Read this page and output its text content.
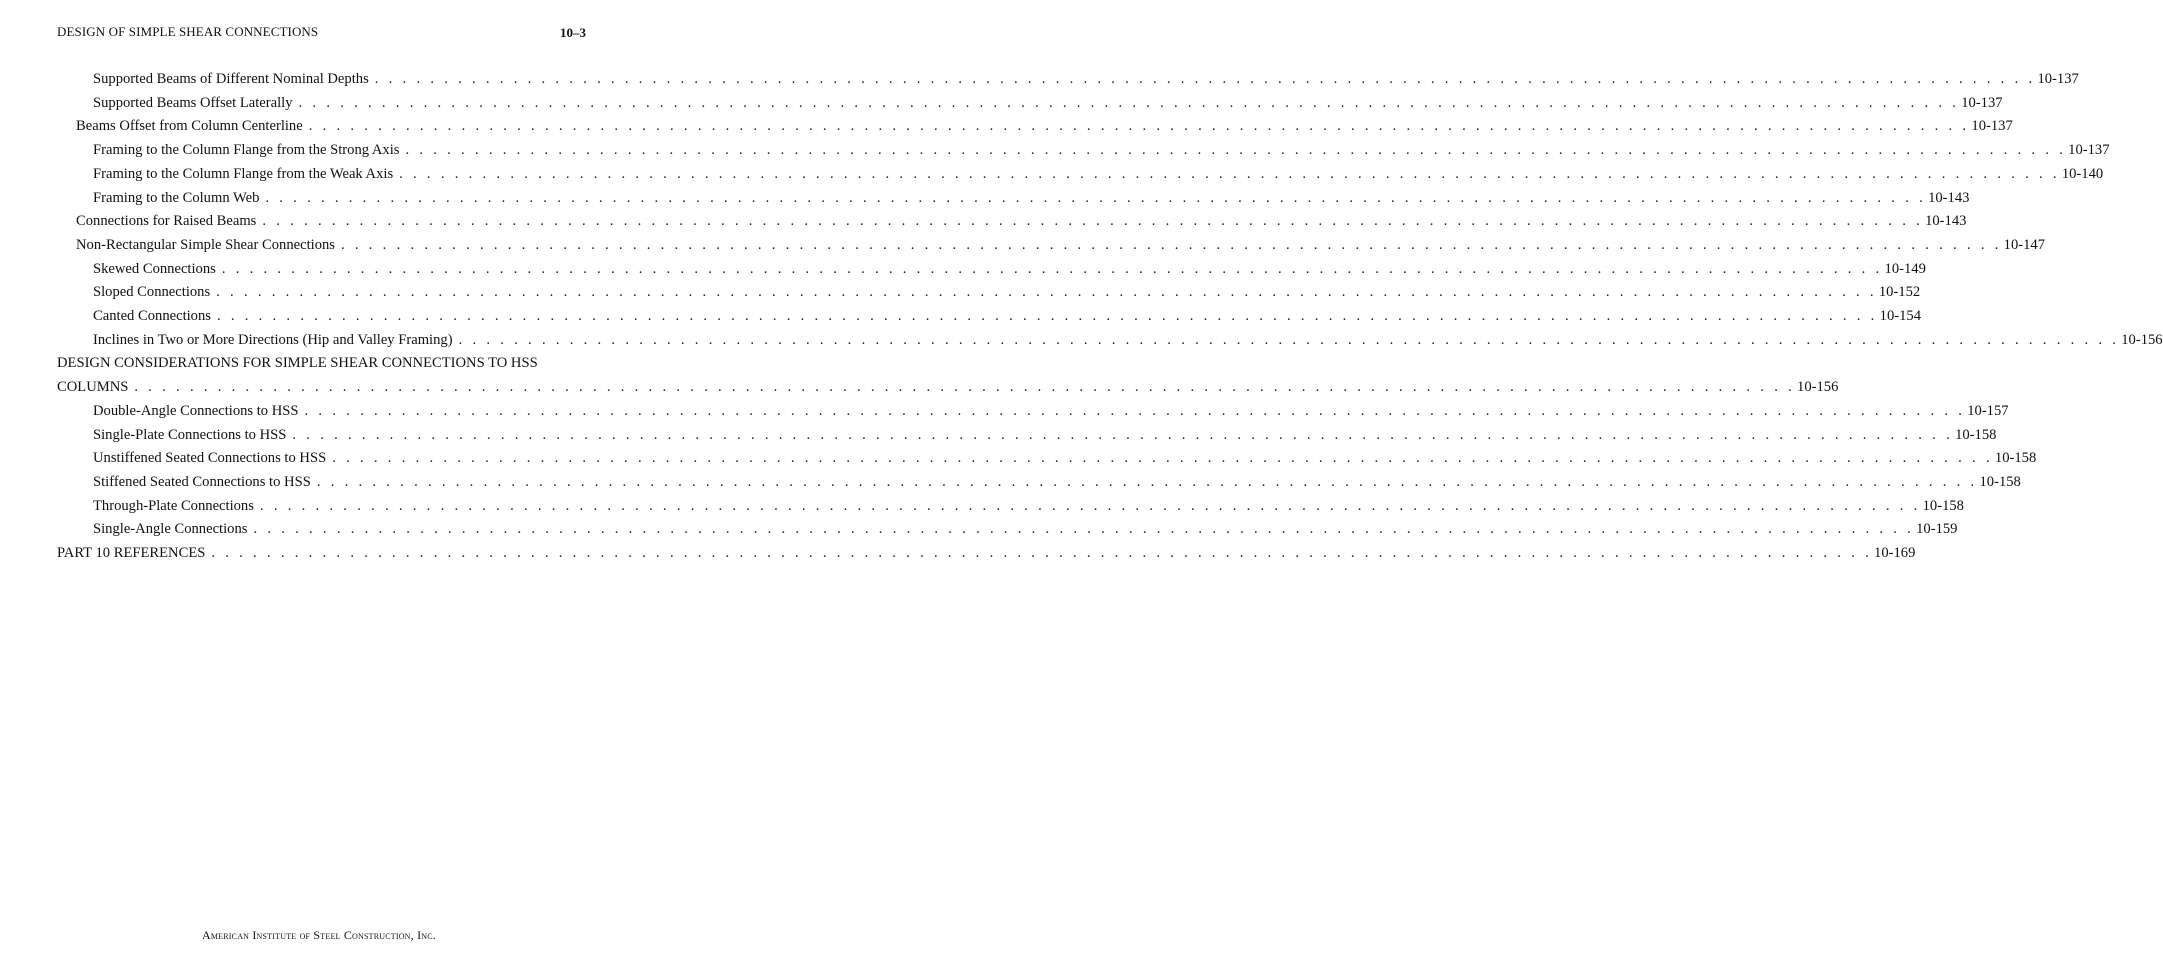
DESIGN OF SIMPLE SHEAR CONNECTIONS	10–3
Supported Beams of Different Nominal Depths . . . . . . . . . . . . . . . . . . . . . . . . . . . . . . . . . . . . . . . . . . . . . . . . . . . . . . . . . . . . . . . . . . . . . . . . . . . . . . . . . . . . . . . . . . . . . . . . . . . . . . . . . . . . . . . . . . . . . . . . 10-137
Supported Beams Offset Laterally . . . . . . . . . . . . . . . . . . . . . . . . . . . . . . . . . . . . . . . . . . . . . . . . . . . . . . . . . . . . . . . . . . . . . . . . . . . . . . . . . . . . . . . . . . . . . . . . . . . . . . . . . . . . . . . . . . . . . . . . 10-137
Beams Offset from Column Centerline . . . . . . . . . . . . . . . . . . . . . . . . . . . . . . . . . . . . . . . . . . . . . . . . . . . . . . . . . . . . . . . . . . . . . . . . . . . . . . . . . . . . . . . . . . . . . . . . . . . . . . . . . . . . . . . . . . . . . . . . 10-137
Framing to the Column Flange from the Strong Axis . . . . . . . . . . . . . . . . . . . . . . . . . . . . . . . . . . . . . . . . . . . . . . . . . . . . . . . . . . . . . . . . . . . . . . . . . . . . . . . . . . . . . . . . . . . . . . . . . . . . . . . . . . . . . . . . . . . . . . . . 10-137
Framing to the Column Flange from the Weak Axis . . . . . . . . . . . . . . . . . . . . . . . . . . . . . . . . . . . . . . . . . . . . . . . . . . . . . . . . . . . . . . . . . . . . . . . . . . . . . . . . . . . . . . . . . . . . . . . . . . . . . . . . . . . . . . . . . . . . . . . . 10-140
Framing to the Column Web . . . . . . . . . . . . . . . . . . . . . . . . . . . . . . . . . . . . . . . . . . . . . . . . . . . . . . . . . . . . . . . . . . . . . . . . . . . . . . . . . . . . . . . . . . . . . . . . . . . . . . . . . . . . . . . . . . . . . . . . 10-143
Connections for Raised Beams . . . . . . . . . . . . . . . . . . . . . . . . . . . . . . . . . . . . . . . . . . . . . . . . . . . . . . . . . . . . . . . . . . . . . . . . . . . . . . . . . . . . . . . . . . . . . . . . . . . . . . . . . . . . . . . . . . . . . . . . 10-143
Non-Rectangular Simple Shear Connections . . . . . . . . . . . . . . . . . . . . . . . . . . . . . . . . . . . . . . . . . . . . . . . . . . . . . . . . . . . . . . . . . . . . . . . . . . . . . . . . . . . . . . . . . . . . . . . . . . . . . . . . . . . . . . . . . . . . . . . . 10-147
Skewed Connections . . . . . . . . . . . . . . . . . . . . . . . . . . . . . . . . . . . . . . . . . . . . . . . . . . . . . . . . . . . . . . . . . . . . . . . . . . . . . . . . . . . . . . . . . . . . . . . . . . . . . . . . . . . . . . . . . . . . . . . . 10-149
Sloped Connections . . . . . . . . . . . . . . . . . . . . . . . . . . . . . . . . . . . . . . . . . . . . . . . . . . . . . . . . . . . . . . . . . . . . . . . . . . . . . . . . . . . . . . . . . . . . . . . . . . . . . . . . . . . . . . . . . . . . . . . . 10-152
Canted Connections . . . . . . . . . . . . . . . . . . . . . . . . . . . . . . . . . . . . . . . . . . . . . . . . . . . . . . . . . . . . . . . . . . . . . . . . . . . . . . . . . . . . . . . . . . . . . . . . . . . . . . . . . . . . . . . . . . . . . . . . 10-154
Inclines in Two or More Directions (Hip and Valley Framing) . . . . . . . . . . . . . . . . . . . . . . . . . . . . . . . . . . . . . . . . . . . . . . . . . . . . . . . . . . . . . . . . . . . . . . . . . . . . . . . . . . . . . . . . . . . . . . . . . . . . . . . . . . . . . . . . . . . . . . . . 10-156
DESIGN CONSIDERATIONS FOR SIMPLE SHEAR CONNECTIONS TO HSS
COLUMNS . . . . . . . . . . . . . . . . . . . . . . . . . . . . . . . . . . . . . . . . . . . . . . . . . . . . . . . . . . . . . . . . . . . . . . . . . . . . . . . . . . . . . . . . . . . . . . . . . . . . . . . . . . . . . . . . . . . . . . . . 10-156
Double-Angle Connections to HSS . . . . . . . . . . . . . . . . . . . . . . . . . . . . . . . . . . . . . . . . . . . . . . . . . . . . . . . . . . . . . . . . . . . . . . . . . . . . . . . . . . . . . . . . . . . . . . . . . . . . . . . . . . . . . . . . . . . . . . . . 10-157
Single-Plate Connections to HSS . . . . . . . . . . . . . . . . . . . . . . . . . . . . . . . . . . . . . . . . . . . . . . . . . . . . . . . . . . . . . . . . . . . . . . . . . . . . . . . . . . . . . . . . . . . . . . . . . . . . . . . . . . . . . . . . . . . . . . . . 10-158
Unstiffened Seated Connections to HSS . . . . . . . . . . . . . . . . . . . . . . . . . . . . . . . . . . . . . . . . . . . . . . . . . . . . . . . . . . . . . . . . . . . . . . . . . . . . . . . . . . . . . . . . . . . . . . . . . . . . . . . . . . . . . . . . . . . . . . . . 10-158
Stiffened Seated Connections to HSS . . . . . . . . . . . . . . . . . . . . . . . . . . . . . . . . . . . . . . . . . . . . . . . . . . . . . . . . . . . . . . . . . . . . . . . . . . . . . . . . . . . . . . . . . . . . . . . . . . . . . . . . . . . . . . . . . . . . . . . . 10-158
Through-Plate Connections . . . . . . . . . . . . . . . . . . . . . . . . . . . . . . . . . . . . . . . . . . . . . . . . . . . . . . . . . . . . . . . . . . . . . . . . . . . . . . . . . . . . . . . . . . . . . . . . . . . . . . . . . . . . . . . . . . . . . . . . 10-158
Single-Angle Connections . . . . . . . . . . . . . . . . . . . . . . . . . . . . . . . . . . . . . . . . . . . . . . . . . . . . . . . . . . . . . . . . . . . . . . . . . . . . . . . . . . . . . . . . . . . . . . . . . . . . . . . . . . . . . . . . . . . . . . . . 10-159
PART 10 REFERENCES . . . . . . . . . . . . . . . . . . . . . . . . . . . . . . . . . . . . . . . . . . . . . . . . . . . . . . . . . . . . . . . . . . . . . . . . . . . . . . . . . . . . . . . . . . . . . . . . . . . . . . . . . . . . . . . . . . . . . . . . 10-169
American Institute of Steel Construction, Inc.
